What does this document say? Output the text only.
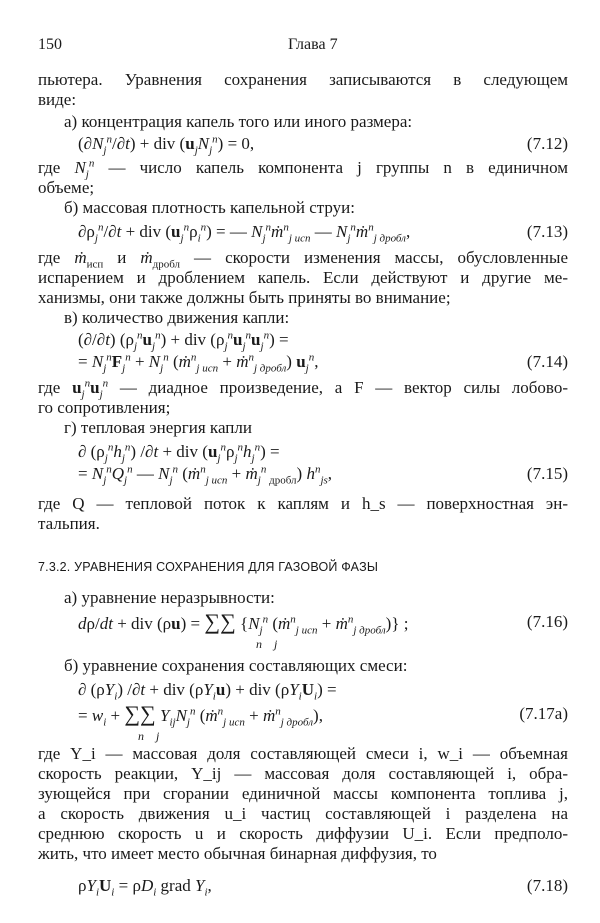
150	Глава 7
пьютера. Уравнения сохранения записываются в следующем
виде:
а) концентрация капель того или иного размера:
$(\partial N_j^n/\partial t)$ + div $(u_jN_j^n) = 0$,	(7.12)
где $N_j^n$ — число капель компонента j группы n в единичном
объеме;
б) массовая плотность капельной струи:
$\partial\rho_j^n/\partial t$ + div $(u_j^n\rho_i^n)$ = — $N_j^nṁ^n_{j исп}$ — $N_j^nṁ^n_{j дробл}$,	(7.13)
где ṁ$_{исп}$ и ṁ$_{дробл}$ — скорости изменения массы, обусловленные
испарением и дроблением капель. Если действуют и другие ме-
ханизмы, они также должны быть приняты во внимание;
в) количество движения капли:
(∂/∂t) $(\rho_j^nu_j^n)$ + div $(\rho_j^nu_j^nu_j^n)$ =
= $N_j^nF_j^n + N_j^n$ (ṁ$^n_{j исп}$ + ṁ$^n_{j дробл}$) $u_j^n$,	(7.14)
где $u_j^nu_j^n$ — диадное произведение, а F — вектор силы лобово-
го сопротивления;
г) тепловая энергия капли
∂ $(\rho_j^nh_j^n) /\partial t$ + div $(u_j^n\rho_j^nh_j^n)$ =
= $N_j^nQ_j^n$ — $N_j^n$ (ṁ$^n_{j исп}$ + ṁ$_j^n$ $_{дробл}$) $h^n_{js}$,	(7.15)
где Q — тепловой поток к каплям и h_s — поверхностная эн-
тальпия.
7.3.2. УРАВНЕНИЯ СОХРАНЕНИЯ ДЛЯ ГАЗОВОЙ ФАЗЫ
а) уравнение неразрывности:
dρ/dt + div (ρu) = ∑∑ {$N_j^n$ (ṁ$^n_{j исп}$ + ṁ$^n_{j дробл}$)} ;
n j
(7.16)
б) уравнение сохранения составляющих смеси:
∂ $(\rho Y_i) /\partial t$ + div $(\rho Y_iu)$ + div $(\rho Y_iU_i)$ =
= $w_i$ + ∑∑ $Y_{ij}N_j^n$ (ṁ$^n_{j исп}$ + ṁ$^n_{j дробл}$),
n j
(7.17а)
где Y_i — массовая доля составляющей смеси i, w_i — объемная
скорость реакции, Y_ij — массовая доля составляющей i, обра-
зующейся при сгорании единичной массы компонента топлива j,
а скорость движения u_i частиц составляющей i разделена на
среднюю скорость u и скорость диффузии U_i. Если предполо-
жить, что имеет место обычная бинарная диффузия, то
$\rho Y_iU_i = \rho D_i$ grad $Y_i$,	(7.18)
